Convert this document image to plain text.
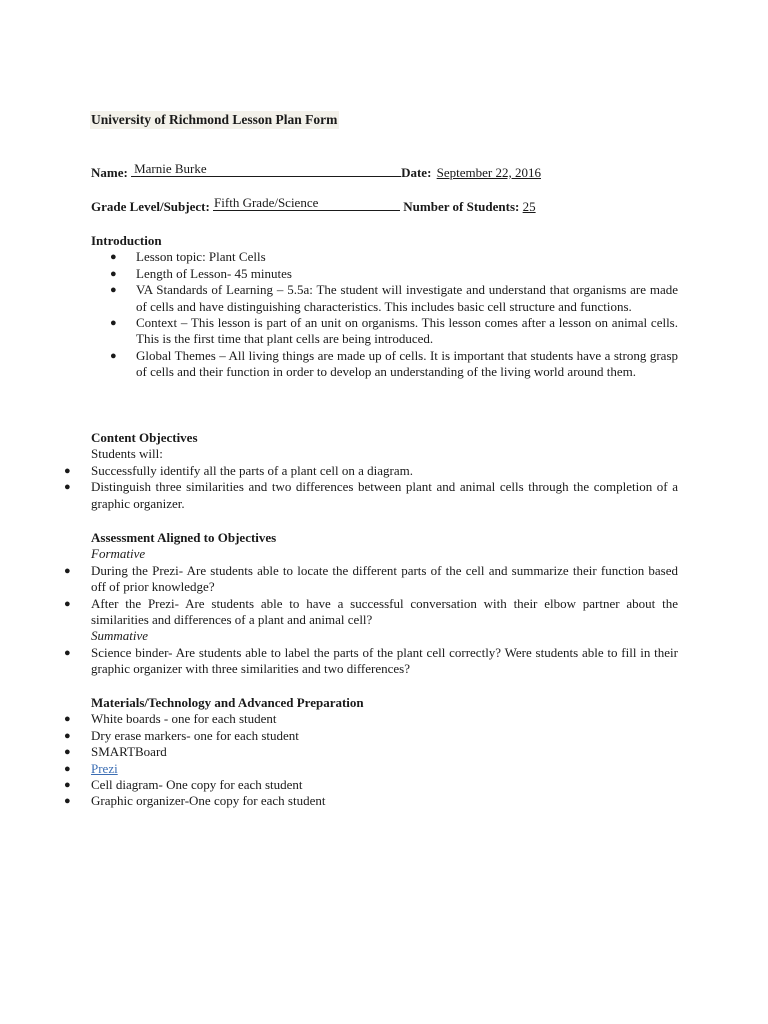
University of Richmond Lesson Plan Form
Name: Marnie Burke	Date: September 22, 2016
Grade Level/Subject: Fifth Grade/Science	Number of Students: 25
Introduction
● Lesson topic: Plant Cells
● Length of Lesson- 45 minutes
● VA Standards of Learning – 5.5a: The student will investigate and understand that organisms are made of cells and have distinguishing characteristics. This includes basic cell structure and functions.
● Context – This lesson is part of an unit on organisms. This lesson comes after a lesson on animal cells. This is the first time that plant cells are being introduced.
● Global Themes – All living things are made up of cells. It is important that students have a strong grasp of cells and their function in order to develop an understanding of the living world around them.
Content Objectives
Students will:
● Successfully identify all the parts of a plant cell on a diagram.
● Distinguish three similarities and two differences between plant and animal cells through the completion of a graphic organizer.
Assessment Aligned to Objectives
Formative
● During the Prezi- Are students able to locate the different parts of the cell and summarize their function based off of prior knowledge?
● After the Prezi- Are students able to have a successful conversation with their elbow partner about the similarities and differences of a plant and animal cell?
Summative
● Science binder- Are students able to label the parts of the plant cell correctly? Were students able to fill in their graphic organizer with three similarities and two differences?
Materials/Technology and Advanced Preparation
● White boards - one for each student
● Dry erase markers- one for each student
● SMARTBoard
● Prezi
● Cell diagram- One copy for each student
● Graphic organizer-One copy for each student
